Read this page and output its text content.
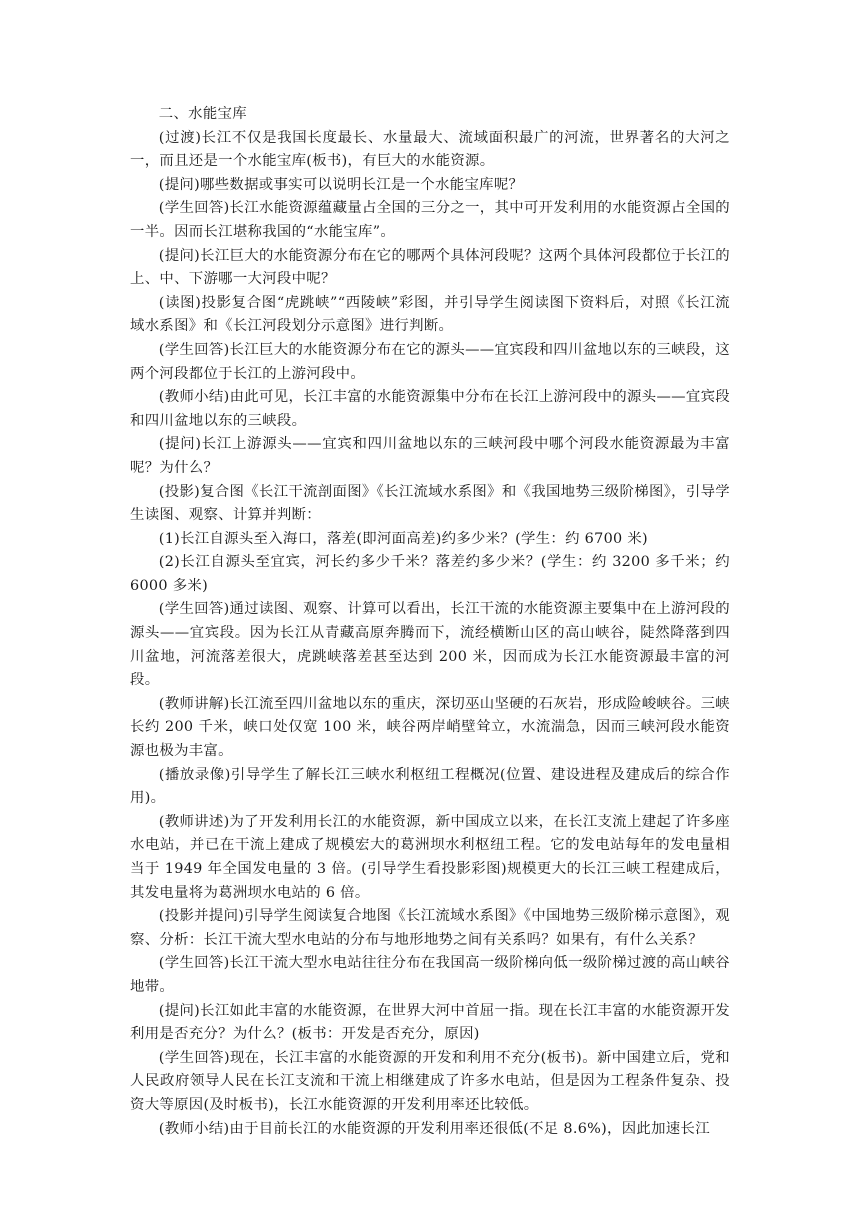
二、水能宝库

(过渡)长江不仅是我国长度最长、水量最大、流域面积最广的河流，世界著名的大河之一，而且还是一个水能宝库(板书)，有巨大的水能资源。

(提问)哪些数据或事实可以说明长江是一个水能宝库呢？

(学生回答)长江水能资源蕴藏量占全国的三分之一，其中可开发利用的水能资源占全国的一半。因而长江堪称我国的“水能宝库”。

(提问)长江巨大的水能资源分布在它的哪两个具体河段呢？这两个具体河段都位于长江的上、中、下游哪一大河段中呢？

(读图)投影复合图“虎跳峡”“西陵峡”彩图，并引导学生阅读图下资料后，对照《长江流域水系图》和《长江河段划分示意图》进行判断。

(学生回答)长江巨大的水能资源分布在它的源头——宜宾段和四川盆地以东的三峡段，这两个河段都位于长江的上游河段中。

(教师小结)由此可见，长江丰富的水能资源集中分布在长江上游河段中的源头——宜宾段和四川盆地以东的三峡段。

(提问)长江上游源头——宜宾和四川盆地以东的三峡河段中哪个河段水能资源最为丰富呢？为什么？

(投影)复合图《长江干流剖面图》《长江流域水系图》和《我国地势三级阶梯图》，引导学生读图、观察、计算并判断：

(1)长江自源头至入海口，落差(即河面高差)约多少米？(学生：约 6700 米)

(2)长江自源头至宜宾，河长约多少千米？落差约多少米？(学生：约 3200 多千米；约 6000 多米)

(学生回答)通过读图、观察、计算可以看出，长江干流的水能资源主要集中在上游河段的源头——宜宾段。因为长江从青藏高原奔腾而下，流经横断山区的高山峡谷，陡然降落到四川盆地，河流落差很大，虎跳峡落差甚至达到 200 米，因而成为长江水能资源最丰富的河段。

(教师讲解)长江流至四川盆地以东的重庆，深切巫山坚硬的石灰岩，形成险峻峡谷。三峡长约 200 千米，峡口处仅宽 100 米，峡谷两岸峭壁耸立，水流湍急，因而三峡河段水能资源也极为丰富。

(播放录像)引导学生了解长江三峡水利枢纽工程概况(位置、建设进程及建成后的综合作用)。

(教师讲述)为了开发利用长江的水能资源，新中国成立以来，在长江支流上建起了许多座水电站，并已在干流上建成了规模宏大的葛洲坝水利枢纽工程。它的发电站每年的发电量相当于 1949 年全国发电量的 3 倍。(引导学生看投影彩图)规模更大的长江三峡工程建成后，其发电量将为葛洲坝水电站的 6 倍。

(投影并提问)引导学生阅读复合地图《长江流域水系图》《中国地势三级阶梯示意图》，观察、分析：长江干流大型水电站的分布与地形地势之间有关系吗？如果有，有什么关系？

(学生回答)长江干流大型水电站往往分布在我国高一级阶梯向低一级阶梯过渡的高山峡谷地带。

(提问)长江如此丰富的水能资源，在世界大河中首屈一指。现在长江丰富的水能资源开发利用是否充分？为什么？(板书：开发是否充分，原因)

(学生回答)现在，长江丰富的水能资源的开发和利用不充分(板书)。新中国建立后，党和人民政府领导人民在长江支流和干流上相继建成了许多水电站，但是因为工程条件复杂、投资大等原因(及时板书)，长江水能资源的开发利用率还比较低。

(教师小结)由于目前长江的水能资源的开发利用率还很低(不足 8.6%)，因此加速长江
